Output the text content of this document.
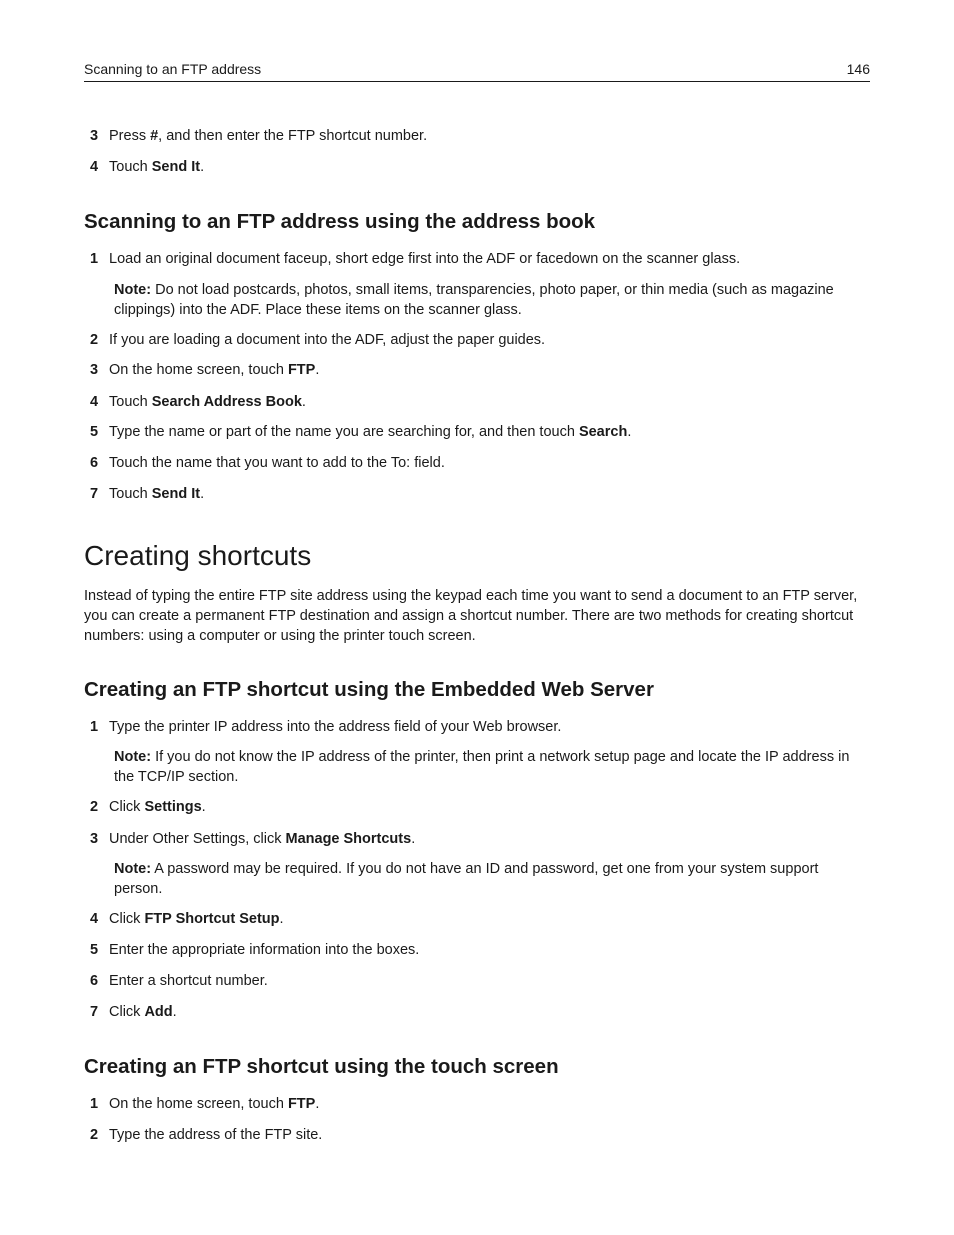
Scanning to an FTP address	146
3 Press #, and then enter the FTP shortcut number.
4 Touch Send It.
Scanning to an FTP address using the address book
1 Load an original document faceup, short edge first into the ADF or facedown on the scanner glass.
Note: Do not load postcards, photos, small items, transparencies, photo paper, or thin media (such as magazine clippings) into the ADF. Place these items on the scanner glass.
2 If you are loading a document into the ADF, adjust the paper guides.
3 On the home screen, touch FTP.
4 Touch Search Address Book.
5 Type the name or part of the name you are searching for, and then touch Search.
6 Touch the name that you want to add to the To: field.
7 Touch Send It.
Creating shortcuts
Instead of typing the entire FTP site address using the keypad each time you want to send a document to an FTP server, you can create a permanent FTP destination and assign a shortcut number. There are two methods for creating shortcut numbers: using a computer or using the printer touch screen.
Creating an FTP shortcut using the Embedded Web Server
1 Type the printer IP address into the address field of your Web browser.
Note: If you do not know the IP address of the printer, then print a network setup page and locate the IP address in the TCP/IP section.
2 Click Settings.
3 Under Other Settings, click Manage Shortcuts.
Note: A password may be required. If you do not have an ID and password, get one from your system support person.
4 Click FTP Shortcut Setup.
5 Enter the appropriate information into the boxes.
6 Enter a shortcut number.
7 Click Add.
Creating an FTP shortcut using the touch screen
1 On the home screen, touch FTP.
2 Type the address of the FTP site.
